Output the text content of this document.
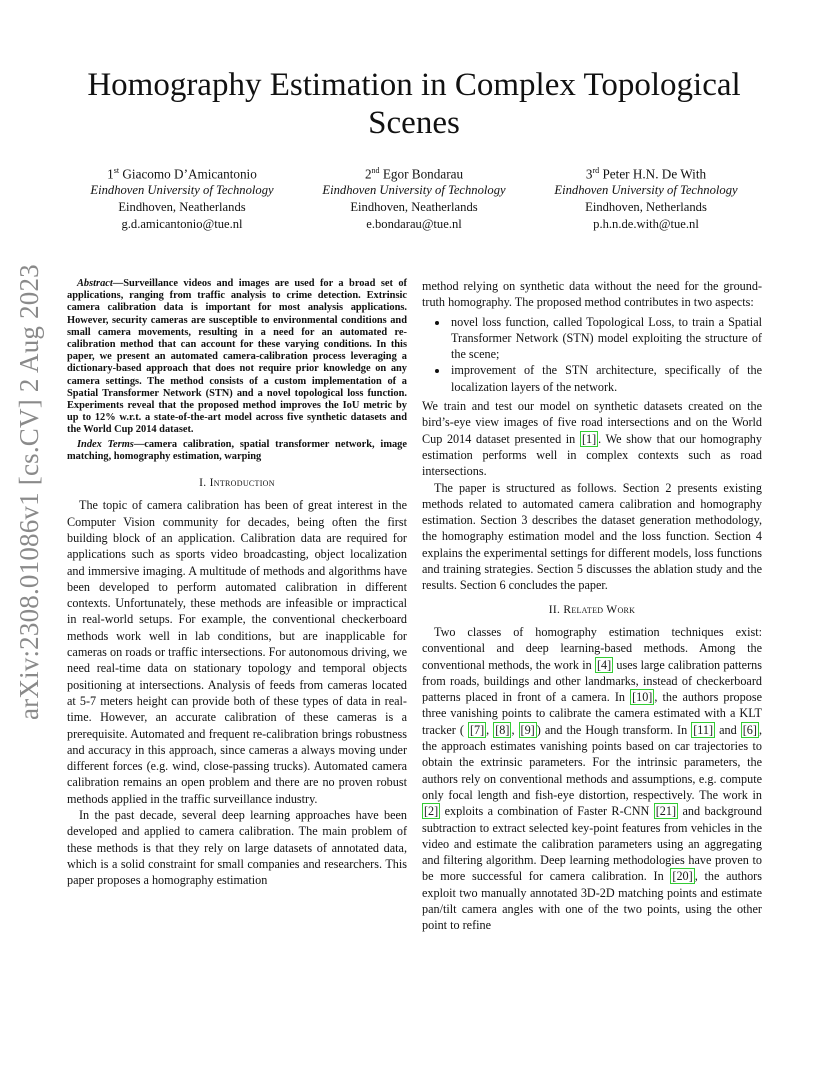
arXiv:2308.01086v1 [cs.CV] 2 Aug 2023
Homography Estimation in Complex Topological Scenes
1st Giacomo D’Amicantonio
Eindhoven University of Technology
Eindhoven, Neatherlands
g.d.amicantonio@tue.nl
2nd Egor Bondarau
Eindhoven University of Technology
Eindhoven, Neatherlands
e.bondarau@tue.nl
3rd Peter H.N. De With
Eindhoven University of Technology
Eindhoven, Netherlands
p.h.n.de.with@tue.nl

Abstract—Surveillance videos and images are used for a broad set of applications, ranging from traffic analysis to crime detection. Extrinsic camera calibration data is important for most analysis applications. However, security cameras are susceptible to environmental conditions and small camera movements, resulting in a need for an automated re-calibration method that can account for these varying conditions. In this paper, we present an automated camera-calibration process leveraging a dictionary-based approach that does not require prior knowledge on any camera settings. The method consists of a custom implementation of a Spatial Transformer Network (STN) and a novel topological loss function. Experiments reveal that the proposed method improves the IoU metric by up to 12% w.r.t. a state-of-the-art model across five synthetic datasets and the World Cup 2014 dataset.

Index Terms—camera calibration, spatial transformer network, image matching, homography estimation, warping

I. Introduction

The topic of camera calibration has been of great interest in the Computer Vision community for decades, being often the first building block of an application. Calibration data are required for applications such as sports video broadcasting, object localization and immersive imaging. A multitude of methods and algorithms have been developed to perform automated calibration in different contexts. Unfortunately, these methods are infeasible or impractical in real-world setups. For example, the conventional checkerboard methods work well in lab conditions, but are inapplicable for cameras on roads or traffic intersections. For autonomous driving, we need real-time data on stationary topology and temporal objects positioning at intersections. Analysis of feeds from cameras located at 5-7 meters height can provide both of these types of data in real-time. However, an accurate calibration of these cameras is a prerequisite. Automated and frequent re-calibration brings robustness and accuracy in this approach, since cameras a always moving under different forces (e.g. wind, close-passing trucks). Automated camera calibration remains an open problem and there are no proven robust methods applied in the traffic surveillance industry.

In the past decade, several deep learning approaches have been developed and applied to camera calibration. The main problem of these methods is that they rely on large datasets of annotated data, which is a solid constraint for small companies and researchers. This paper proposes a homography estimation

method relying on synthetic data without the need for the ground-truth homography. The proposed method contributes in two aspects:

• novel loss function, called Topological Loss, to train a Spatial Transformer Network (STN) model exploiting the structure of the scene;
• improvement of the STN architecture, specifically of the localization layers of the network.

We train and test our model on synthetic datasets created on the bird’s-eye view images of five road intersections and on the World Cup 2014 dataset presented in [1] . We show that our homography estimation performs well in complex contexts such as road intersections.

The paper is structured as follows. Section 2 presents existing methods related to automated camera calibration and homography estimation. Section 3 describes the dataset generation methodology, the homography estimation model and the loss function. Section 4 explains the experimental settings for different models, loss functions and training strategies. Section 5 discusses the ablation study and the results. Section 6 concludes the paper.

II. Related Work

Two classes of homography estimation techniques exist: conventional and deep learning-based methods. Among the conventional methods, the work in [4] uses large calibration patterns from roads, buildings and other landmarks, instead of checkerboard patterns placed in front of a camera. In [10] , the authors propose three vanishing points to calibrate the camera estimated with a KLT tracker ( [7] , [8] , [9] ) and the Hough transform. In [11] and [6] , the approach estimates vanishing points based on car trajectories to obtain the extrinsic parameters. For the intrinsic parameters, the authors rely on conventional methods and assumptions, e.g. compute only focal length and fish-eye distortion, respectively. The work in [2] exploits a combination of Faster R-CNN [21] and background subtraction to extract selected key-point features from vehicles in the video and estimate the calibration parameters using an aggregating and filtering algorithm. Deep learning methodologies have proven to be more successful for camera calibration. In [20] , the authors exploit two manually annotated 3D-2D matching points and estimate pan/tilt camera angles with one of the two points, using the other point to refine
